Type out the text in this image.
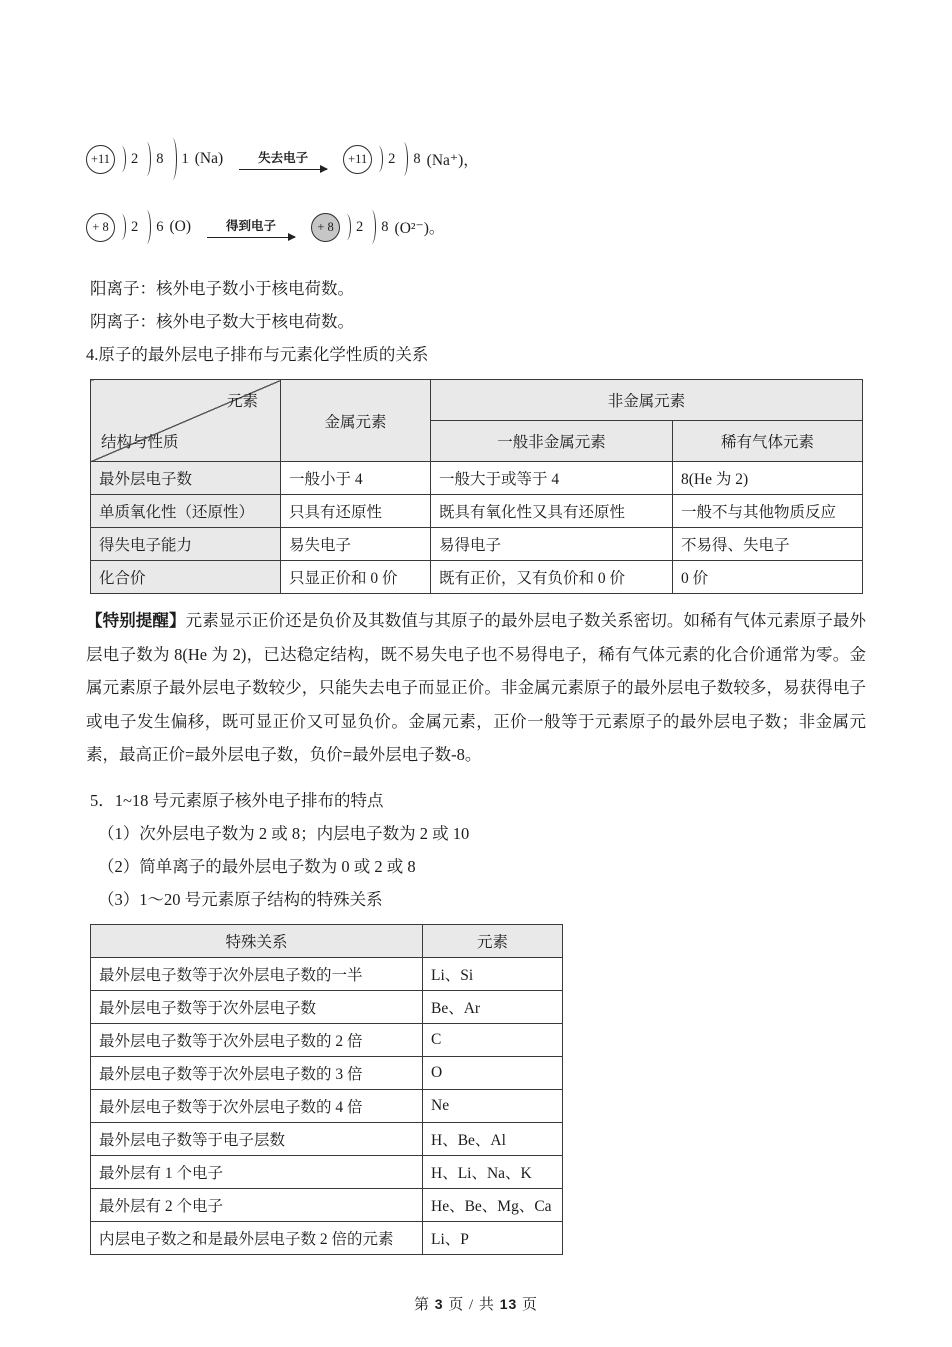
+11	2 8 1 (Na)	失去电子	+11	2 8 (Na⁺)，
+ 8	2 6 (O)	得到电子	+ 8	2 8 (O²⁻)。
阳离子：核外电子数小于核电荷数。
阴离子：核外电子数大于核电荷数。
4.原子的最外层电子排布与元素化学性质的关系
元素
结构与性质	金属元素	非金属元素	
		一般非金属元素	稀有气体元素
最外层电子数	一般小于 4	一般大于或等于 4	8(He 为 2)
单质氧化性（还原性）	只具有还原性	既具有氧化性又具有还原性	一般不与其他物质反应
得失电子能力	易失电子	易得电子	不易得、失电子
化合价	只显正价和 0 价	既有正价，又有负价和 0 价	0 价

【特别提醒】元素显示正价还是负价及其数值与其原子的最外层电子数关系密切。如稀有气体元素原子最外层电子数为 8(He 为 2)，已达稳定结构，既不易失电子也不易得电子，稀有气体元素的化合价通常为零。金属元素原子最外层电子数较少，只能失去电子而显正价。非金属元素原子的最外层电子数较多，易获得电子或电子发生偏移，既可显正价又可显负价。金属元素，正价一般等于元素原子的最外层电子数；非金属元素，最高正价=最外层电子数，负价=最外层电子数-8。

5．1~18 号元素原子核外电子排布的特点
（1）次外层电子数为 2 或 8；内层电子数为 2 或 10
（2）简单离子的最外层电子数为 0 或 2 或 8
（3）1～20 号元素原子结构的特殊关系
特殊关系	元素
最外层电子数等于次外层电子数的一半	Li、Si
最外层电子数等于次外层电子数	Be、Ar
最外层电子数等于次外层电子数的 2 倍	C
最外层电子数等于次外层电子数的 3 倍	O
最外层电子数等于次外层电子数的 4 倍	Ne
最外层电子数等于电子层数	H、Be、Al
最外层有 1 个电子	H、Li、Na、K
最外层有 2 个电子	He、Be、Mg、Ca
内层电子数之和是最外层电子数 2 倍的元素	Li、P
第 3 页 / 共 13 页
